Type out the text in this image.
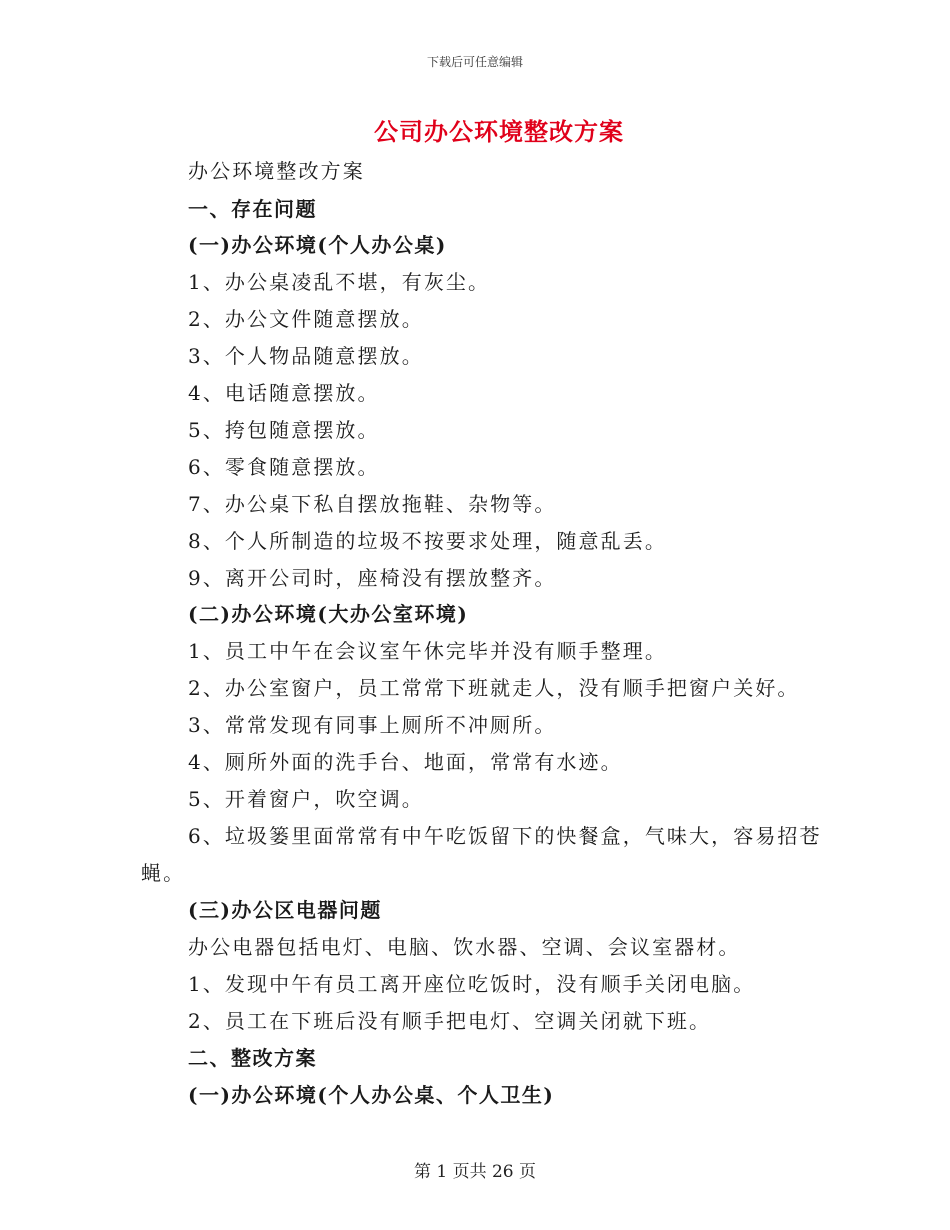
下载后可任意编辑
公司办公环境整改方案
办公环境整改方案
一、存在问题
(一)办公环境(个人办公桌)
1、办公桌凌乱不堪，有灰尘。
2、办公文件随意摆放。
3、个人物品随意摆放。
4、电话随意摆放。
5、挎包随意摆放。
6、零食随意摆放。
7、办公桌下私自摆放拖鞋、杂物等。
8、个人所制造的垃圾不按要求处理，随意乱丢。
9、离开公司时，座椅没有摆放整齐。
(二)办公环境(大办公室环境)
1、员工中午在会议室午休完毕并没有顺手整理。
2、办公室窗户，员工常常下班就走人，没有顺手把窗户关好。
3、常常发现有同事上厕所不冲厕所。
4、厕所外面的洗手台、地面，常常有水迹。
5、开着窗户，吹空调。
6、垃圾篓里面常常有中午吃饭留下的快餐盒，气味大，容易招苍
蝇。
(三)办公区电器问题
办公电器包括电灯、电脑、饮水器、空调、会议室器材。
1、发现中午有员工离开座位吃饭时，没有顺手关闭电脑。
2、员工在下班后没有顺手把电灯、空调关闭就下班。
二、整改方案
(一)办公环境(个人办公桌、个人卫生)
第 1 页共 26 页
